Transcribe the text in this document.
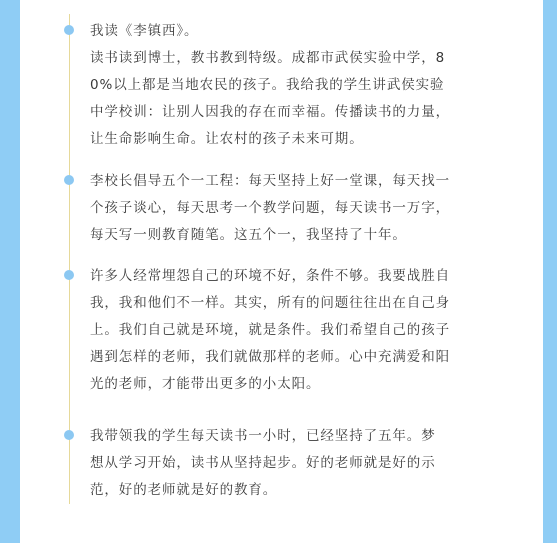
我读《李镇西》。

读书读到博士，教书教到特级。成都市武侯实验中学，8

0%以上都是当地农民的孩子。我给我的学生讲武侯实验

中学校训：让别人因我的存在而幸福。传播读书的力量，

让生命影响生命。让农村的孩子未来可期。

李校长倡导五个一工程：每天坚持上好一堂课，每天找一

个孩子谈心，每天思考一个教学问题，每天读书一万字，

每天写一则教育随笔。这五个一，我坚持了十年。

许多人经常埋怨自己的环境不好，条件不够。我要战胜自

我，我和他们不一样。其实，所有的问题往往出在自己身

上。我们自己就是环境，就是条件。我们希望自己的孩子

遇到怎样的老师，我们就做那样的老师。心中充满爱和阳

光的老师，才能带出更多的小太阳。

我带领我的学生每天读书一小时，已经坚持了五年。梦

想从学习开始，读书从坚持起步。好的老师就是好的示

范，好的老师就是好的教育。
